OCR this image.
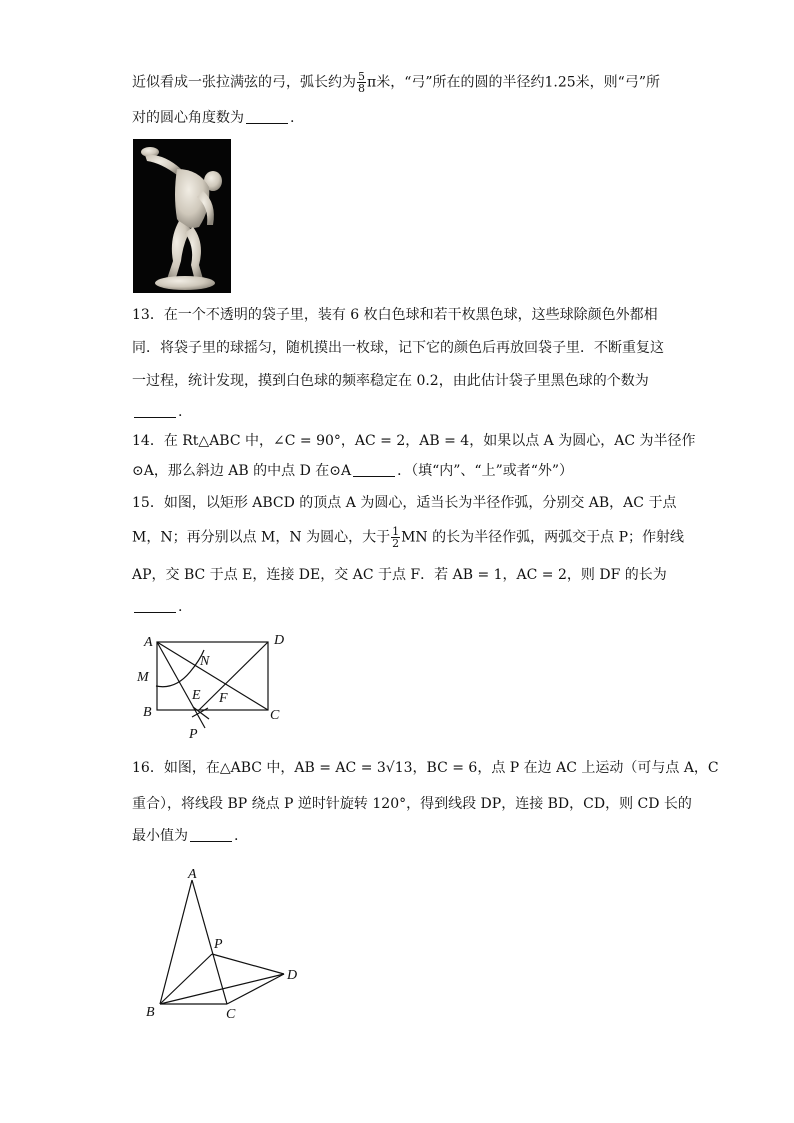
近似看成一张拉满弦的弓，弧长约为 $\frac{5}{8}$ π米，“弓”所在的圆的半径约1.25米，则“弓”所
对的圆心角度数为	.
13．在一个不透明的袋子里，装有 6 枚白色球和若干枚黑色球，这些球除颜色外都相
同．将袋子里的球摇匀，随机摸出一枚球，记下它的颜色后再放回袋子里．不断重复这
一过程，统计发现，摸到白色球的频率稳定在 0.2，由此估计袋子里黑色球的个数为
.
14．在 Rt△ABC 中，∠C = 90°，AC = 2，AB = 4，如果以点 A 为圆心，AC 为半径作
⊙A，那么斜边 AB 的中点 D 在⊙A	．（填“内”、“上”或者“外”）
15．如图，以矩形 ABCD 的顶点 A 为圆心，适当长为半径作弧，分别交 AB，AC 于点
M，N；再分别以点 M，N 为圆心，大于 $\frac{1}{2}$ MN 的长为半径作弧，两弧交于点 P；作射线
AP，交 BC 于点 E，连接 DE，交 AC 于点 F．若 AB = 1，AC = 2，则 DF 的长为
.
A	D
N
M
E F
B	C
P
16．如图，在△ABC 中，AB = AC = 3√13，BC = 6，点 P 在边 AC 上运动（可与点 A，C
重合），将线段 BP 绕点 P 逆时针旋转 120°，得到线段 DP，连接 BD，CD，则 CD 长的
最小值为	.
A
P
D
B	C
